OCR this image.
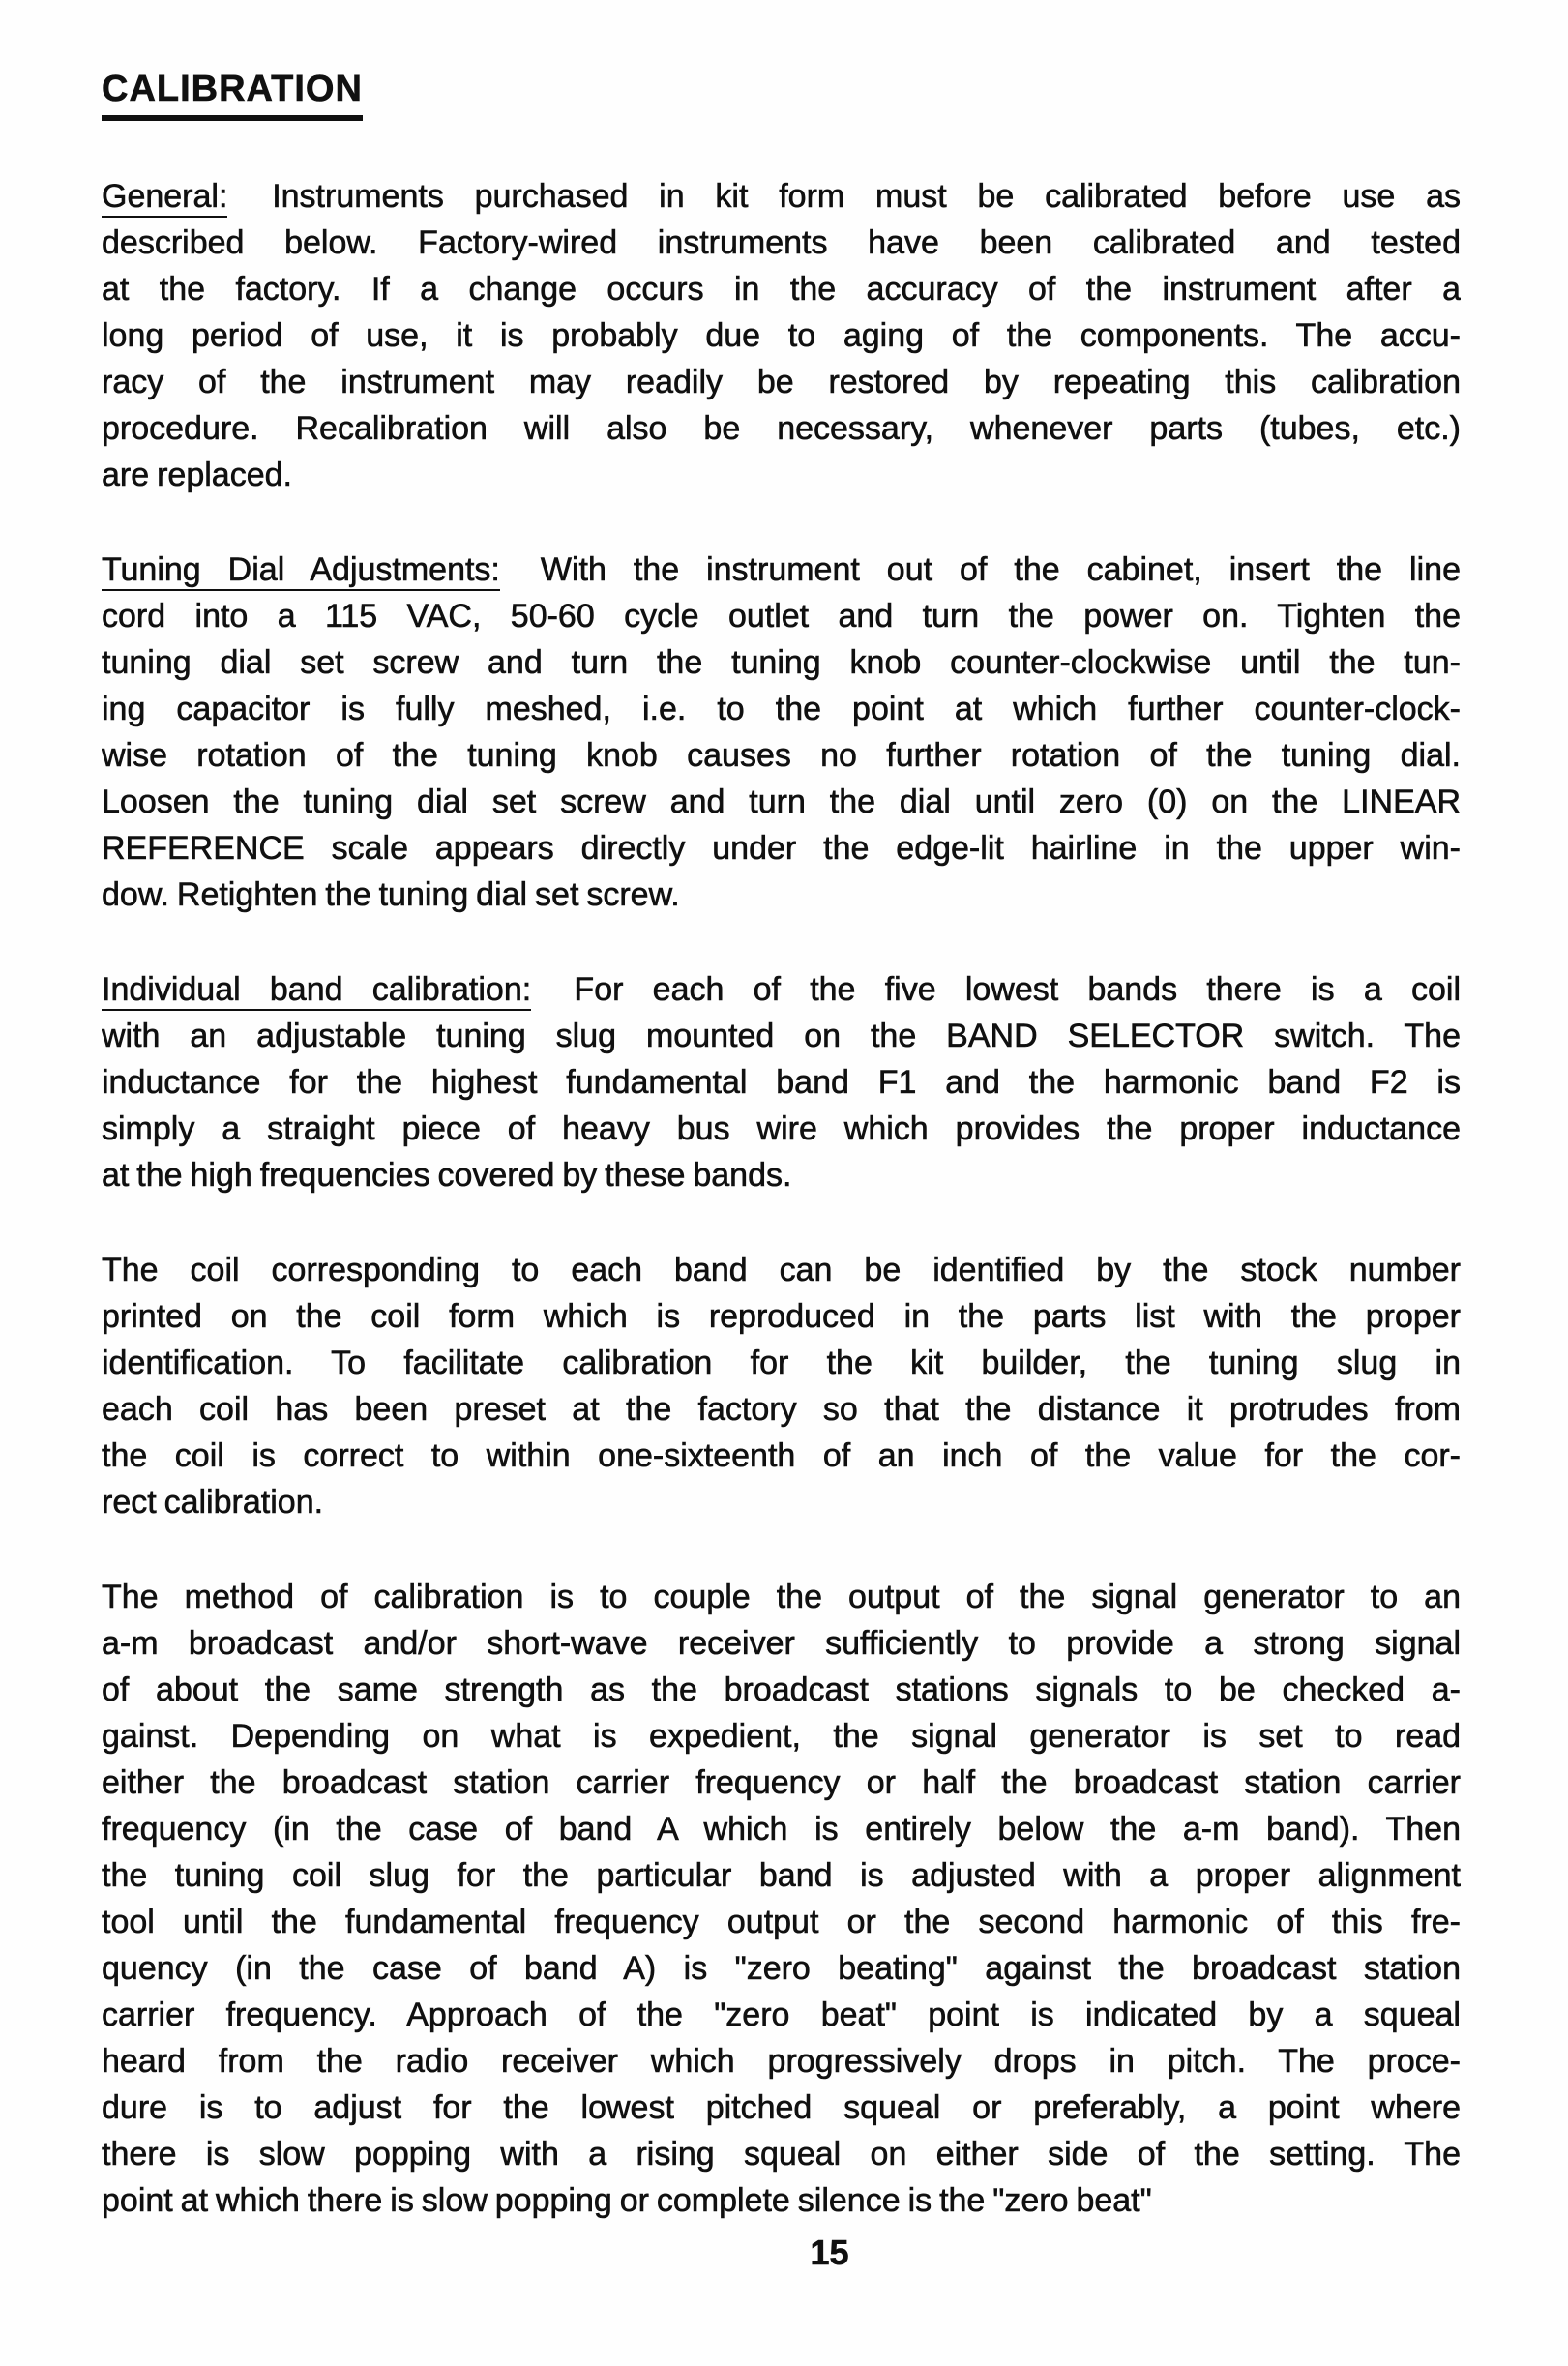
CALIBRATION
General: Instruments purchased in kit form must be calibrated before use as
described below. Factory-wired instruments have been calibrated and tested
at the factory. If a change occurs in the accuracy of the instrument after a
long period of use, it is probably due to aging of the components. The accu-
racy of the instrument may readily be restored by repeating this calibration
procedure. Recalibration will also be necessary, whenever parts (tubes, etc.)
are replaced.
Tuning Dial Adjustments: With the instrument out of the cabinet, insert the line
cord into a 115 VAC, 50-60 cycle outlet and turn the power on. Tighten the
tuning dial set screw and turn the tuning knob counter-clockwise until the tun-
ing capacitor is fully meshed, i.e. to the point at which further counter-clock-
wise rotation of the tuning knob causes no further rotation of the tuning dial.
Loosen the tuning dial set screw and turn the dial until zero (0) on the LINEAR
REFERENCE scale appears directly under the edge-lit hairline in the upper win-
dow. Retighten the tuning dial set screw.
Individual band calibration: For each of the five lowest bands there is a coil
with an adjustable tuning slug mounted on the BAND SELECTOR switch. The
inductance for the highest fundamental band F1 and the harmonic band F2 is
simply a straight piece of heavy bus wire which provides the proper inductance
at the high frequencies covered by these bands.
The coil corresponding to each band can be identified by the stock number
printed on the coil form which is reproduced in the parts list with the proper
identification. To facilitate calibration for the kit builder, the tuning slug in
each coil has been preset at the factory so that the distance it protrudes from
the coil is correct to within one-sixteenth of an inch of the value for the cor-
rect calibration.
The method of calibration is to couple the output of the signal generator to an
a-m broadcast and/or short-wave receiver sufficiently to provide a strong signal
of about the same strength as the broadcast stations signals to be checked a-
gainst. Depending on what is expedient, the signal generator is set to read
either the broadcast station carrier frequency or half the broadcast station carrier
frequency (in the case of band A which is entirely below the a-m band). Then
the tuning coil slug for the particular band is adjusted with a proper alignment
tool until the fundamental frequency output or the second harmonic of this fre-
quency (in the case of band A) is "zero beating" against the broadcast station
carrier frequency. Approach of the "zero beat" point is indicated by a squeal
heard from the radio receiver which progressively drops in pitch. The proce-
dure is to adjust for the lowest pitched squeal or preferably, a point where
there is slow popping with a rising squeal on either side of the setting. The
point at which there is slow popping or complete silence is the "zero beat"
15
